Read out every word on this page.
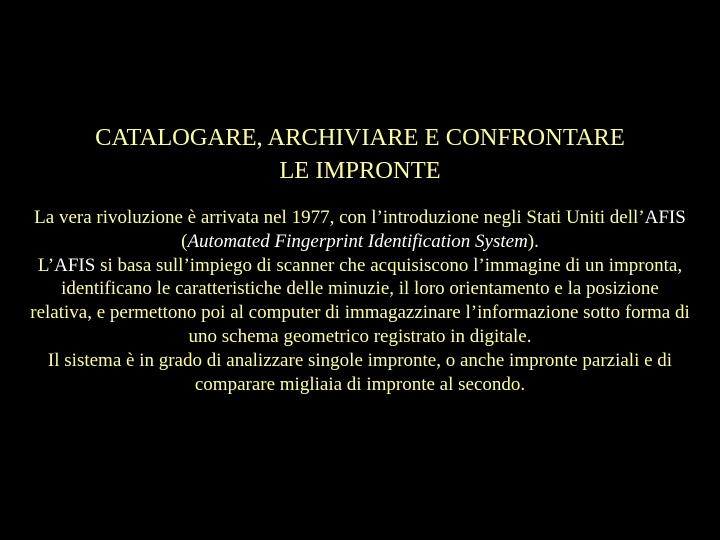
CATALOGARE, ARCHIVIARE E CONFRONTARE
LE IMPRONTE

La vera rivoluzione è arrivata nel 1977, con l’introduzione negli Stati Uniti dell’AFIS (Automated Fingerprint Identification System).

L’AFIS si basa sull’impiego di scanner che acquisiscono l’immagine di un impronta, identificano le caratteristiche delle minuzie, il loro orientamento e la posizione relativa, e permettono poi al computer di immagazzinare l’informazione sotto forma di uno schema geometrico registrato in digitale.

Il sistema è in grado di analizzare singole impronte, o anche impronte parziali e di comparare migliaia di impronte al secondo.
